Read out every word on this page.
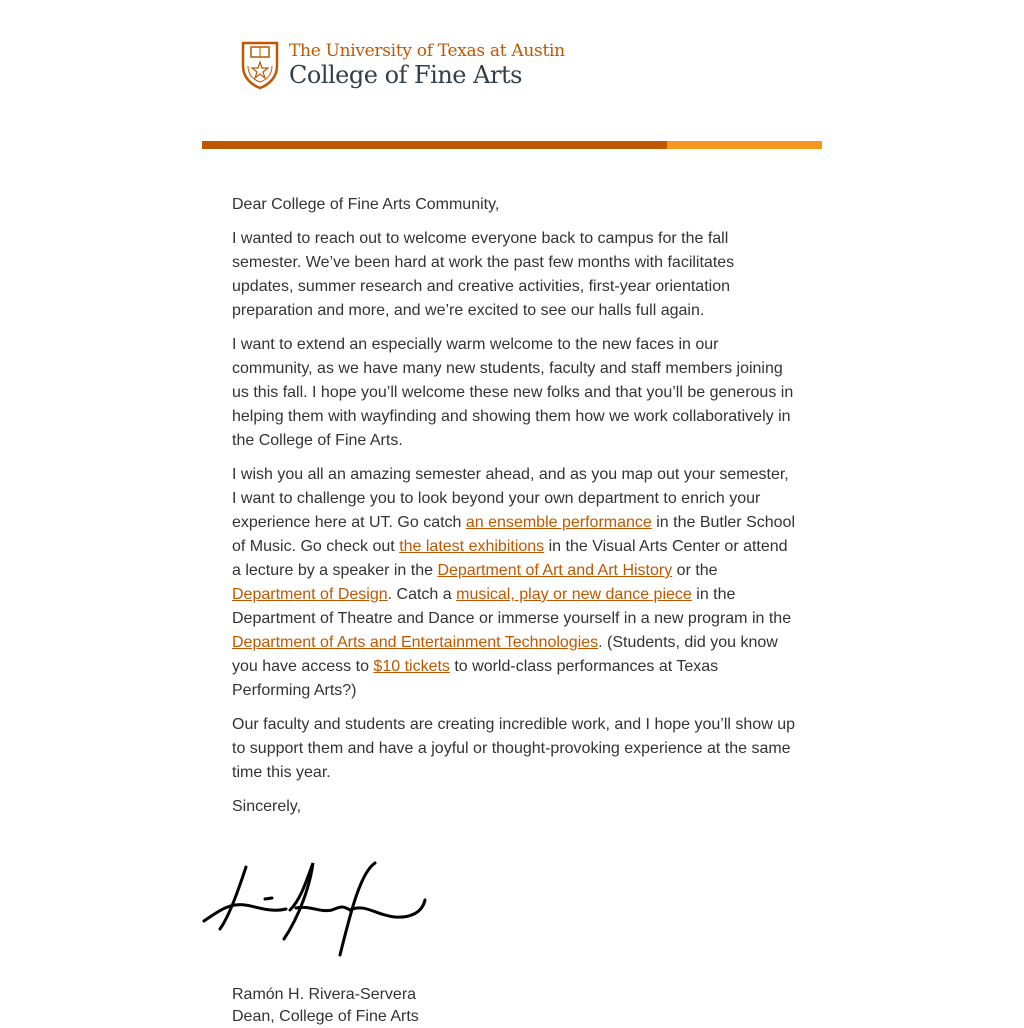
The University of Texas at Austin
College of Fine Arts

Dear College of Fine Arts Community,

I wanted to reach out to welcome everyone back to campus for the fall semester. We’ve been hard at work the past few months with facilitates updates, summer research and creative activities, first-year orientation preparation and more, and we’re excited to see our halls full again.

I want to extend an especially warm welcome to the new faces in our community, as we have many new students, faculty and staff members joining us this fall. I hope you’ll welcome these new folks and that you’ll be generous in helping them with wayfinding and showing them how we work collaboratively in the College of Fine Arts.

I wish you all an amazing semester ahead, and as you map out your semester, I want to challenge you to look beyond your own department to enrich your experience here at UT. Go catch an ensemble performance in the Butler School of Music. Go check out the latest exhibitions in the Visual Arts Center or attend a lecture by a speaker in the Department of Art and Art History or the Department of Design. Catch a musical, play or new dance piece in the Department of Theatre and Dance or immerse yourself in a new program in the Department of Arts and Entertainment Technologies. (Students, did you know you have access to $10 tickets to world-class performances at Texas Performing Arts?)

Our faculty and students are creating incredible work, and I hope you’ll show up to support them and have a joyful or thought-provoking experience at the same time this year.

Sincerely,

Ramón H. Rivera-Servera
Dean, College of Fine Arts
